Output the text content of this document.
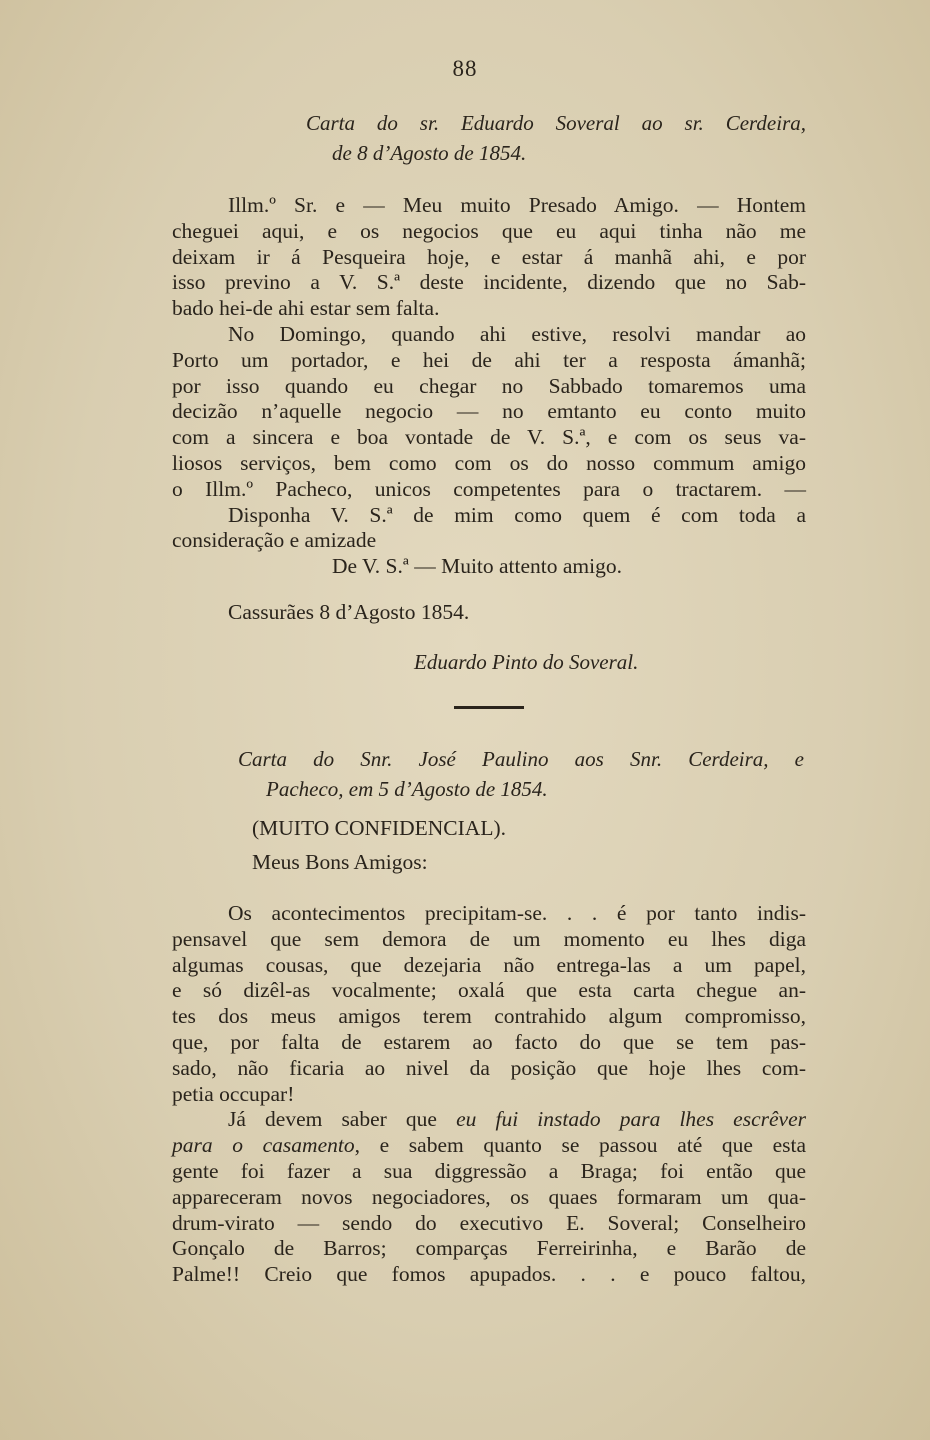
88
Carta do sr. Eduardo Soveral ao sr. Cerdeira,
de 8 d’Agosto de 1854.
Illm.º Sr. e — Meu muito Presado Amigo. — Hontem
cheguei aqui, e os negocios que eu aqui tinha não me
deixam ir á Pesqueira hoje, e estar á manhã ahi, e por
isso previno a V. S.ª deste incidente, dizendo que no Sab-
bado hei-de ahi estar sem falta.
No Domingo, quando ahi estive, resolvi mandar ao
Porto um portador, e hei de ahi ter a resposta ámanhã;
por isso quando eu chegar no Sabbado tomaremos uma
decizão n’aquelle negocio — no emtanto eu conto muito
com a sincera e boa vontade de V. S.ª, e com os seus va-
liosos serviços, bem como com os do nosso commum amigo
o Illm.º Pacheco, unicos competentes para o tractarem. —
Disponha V. S.ª de mim como quem é com toda a
consideração e amizade
De V. S.ª — Muito attento amigo.
Cassurães 8 d’Agosto 1854.
Eduardo Pinto do Soveral.
Carta do Snr. José Paulino aos Snr. Cerdeira, e
Pacheco, em 5 d’Agosto de 1854.
(MUITO CONFIDENCIAL).
Meus Bons Amigos:
Os acontecimentos precipitam-se. . . é por tanto indis-
pensavel que sem demora de um momento eu lhes diga
algumas cousas, que dezejaria não entrega-las a um papel,
e só dizêl-as vocalmente; oxalá que esta carta chegue an-
tes dos meus amigos terem contrahido algum compromisso,
que, por falta de estarem ao facto do que se tem pas-
sado, não ficaria ao nivel da posição que hoje lhes com-
petia occupar!
Já devem saber que eu fui instado para lhes escrêver
para o casamento, e sabem quanto se passou até que esta
gente foi fazer a sua diggressão a Braga; foi então que
appareceram novos negociadores, os quaes formaram um qua-
drum-virato — sendo do executivo E. Soveral; Conselheiro
Gonçalo de Barros; comparças Ferreirinha, e Barão de
Palme!! Creio que fomos apupados. . . e pouco faltou,
